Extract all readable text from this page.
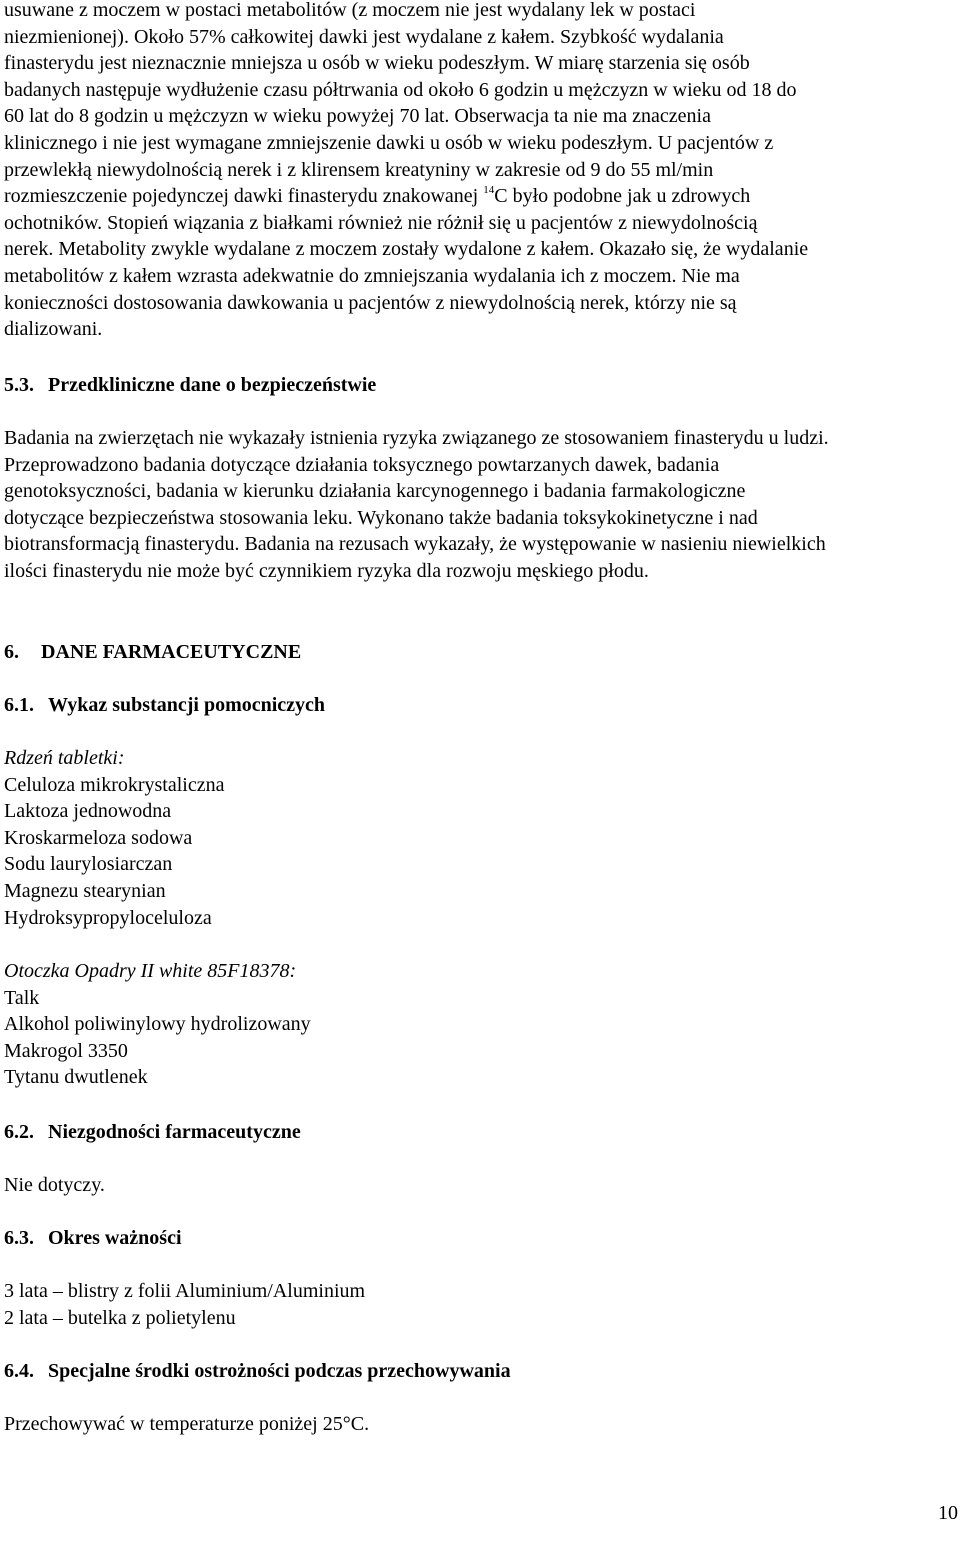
usuwane z moczem w postaci metabolitów (z moczem nie jest wydalany lek w postaci
niezmienionej). Około 57% całkowitej dawki jest wydalane z kałem. Szybkość wydalania
finasterydu jest nieznacznie mniejsza u osób w wieku podeszłym. W miarę starzenia się osób
badanych następuje wydłużenie czasu półtrwania od około 6 godzin u mężczyzn w wieku od 18 do
60 lat do 8 godzin u mężczyzn w wieku powyżej 70 lat. Obserwacja ta nie ma znaczenia
klinicznego i nie jest wymagane zmniejszenie dawki u osób w wieku podeszłym. U pacjentów z
przewlekłą niewydolnością nerek i z klirensem kreatyniny w zakresie od 9 do 55 ml/min
rozmieszczenie pojedynczej dawki finasterydu znakowanej $^{14}$C było podobne jak u zdrowych
ochotników. Stopień wiązania z białkami również nie różnił się u pacjentów z niewydolnością
nerek. Metabolity zwykle wydalane z moczem zostały wydalone z kałem. Okazało się, że wydalanie
metabolitów z kałem wzrasta adekwatnie do zmniejszania wydalania ich z moczem. Nie ma
konieczności dostosowania dawkowania u pacjentów z niewydolnością nerek, którzy nie są
dializowani.
5.3. Przedkliniczne dane o bezpieczeństwie
Badania na zwierzętach nie wykazały istnienia ryzyka związanego ze stosowaniem finasterydu u ludzi.
Przeprowadzono badania dotyczące działania toksycznego powtarzanych dawek, badania
genotoksyczności, badania w kierunku działania karcynogennego i badania farmakologiczne
dotyczące bezpieczeństwa stosowania leku. Wykonano także badania toksykokinetyczne i nad
biotransformacją finasterydu. Badania na rezusach wykazały, że występowanie w nasieniu niewielkich
ilości finasterydu nie może być czynnikiem ryzyka dla rozwoju męskiego płodu.
6. DANE FARMACEUTYCZNE
6.1. Wykaz substancji pomocniczych
Rdzeń tabletki:
Celuloza mikrokrystaliczna
Laktoza jednowodna
Kroskarmeloza sodowa
Sodu laurylosiarczan
Magnezu stearynian
Hydroksypropyloceluloza
Otoczka Opadry II white 85F18378:
Talk
Alkohol poliwinylowy hydrolizowany
Makrogol 3350
Tytanu dwutlenek
6.2. Niezgodności farmaceutyczne
Nie dotyczy.
6.3. Okres ważności
3 lata – blistry z folii Aluminium/Aluminium
2 lata – butelka z polietylenu
6.4. Specjalne środki ostrożności podczas przechowywania
Przechowywać w temperaturze poniżej 25°C.
10
